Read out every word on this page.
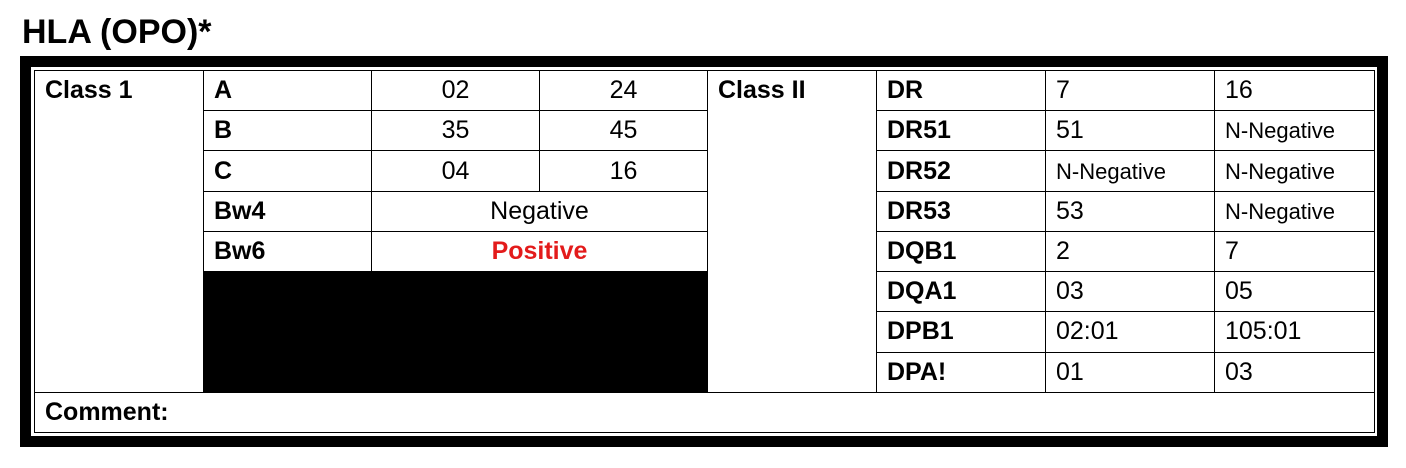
HLA (OPO)*
Class 1	A	02	24	Class II	DR	7	16
	B	35	45		DR51	51	N-Negative
	C	04	16		DR52	N-Negative	N-Negative
	Bw4	Negative			DR53	53	N-Negative
	Bw6	Positive			DQB1	2	7
					DQA1	03	05
					DPB1	02:01	105:01
					DPA!	01	03
Comment:							
